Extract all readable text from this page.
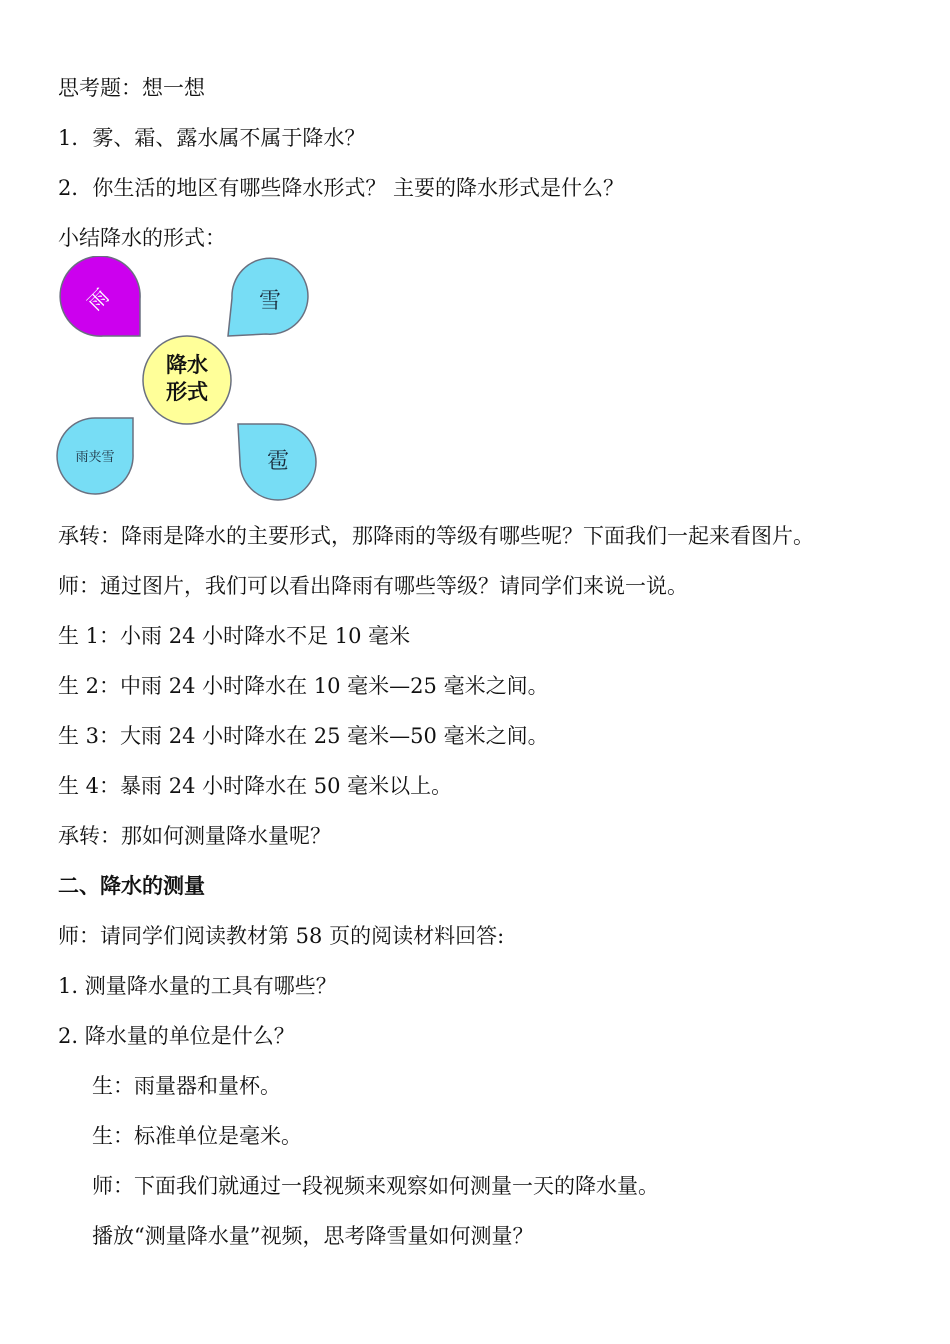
思考题：想一想
1．雾、霜、露水属不属于降水？
2．你生活的地区有哪些降水形式？ 主要的降水形式是什么？
小结降水的形式：
雨	雪
降水
形式
雨夹雪	雹
承转：降雨是降水的主要形式，那降雨的等级有哪些呢？下面我们一起来看图片。
师：通过图片，我们可以看出降雨有哪些等级？请同学们来说一说。
生 1：小雨 24 小时降水不足 10 毫米
生 2：中雨 24 小时降水在 10 毫米—25 毫米之间。
生 3：大雨 24 小时降水在 25 毫米—50 毫米之间。
生 4：暴雨 24 小时降水在 50 毫米以上。
承转：那如何测量降水量呢？
二、降水的测量
师：请同学们阅读教材第 58 页的阅读材料回答:
1. 测量降水量的工具有哪些？
2. 降水量的单位是什么？
生：雨量器和量杯。
生：标准单位是毫米。
师：下面我们就通过一段视频来观察如何测量一天的降水量。
播放“测量降水量”视频，思考降雪量如何测量？
